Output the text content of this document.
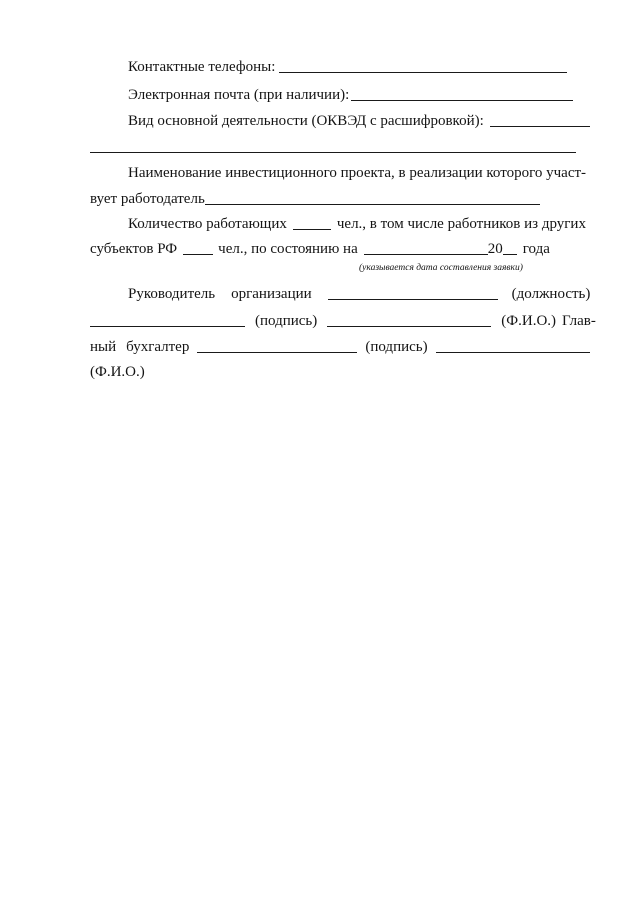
Контактные телефоны:
Электронная почта (при наличии):
Вид основной деятельности (ОКВЭД с расшифровкой):
Наименование инвестиционного проекта, в реализации которого участ-
вует работодатель
Количество работающих	чел., в том числе работников из других
субъектов РФ	чел., по состоянию на	20 года
(указывается дата составления заявки)
Руководитель организации	(должность)
(подпись)	(Ф.И.О.) Глав-
ный бухгалтер	(подпись)
(Ф.И.О.)
